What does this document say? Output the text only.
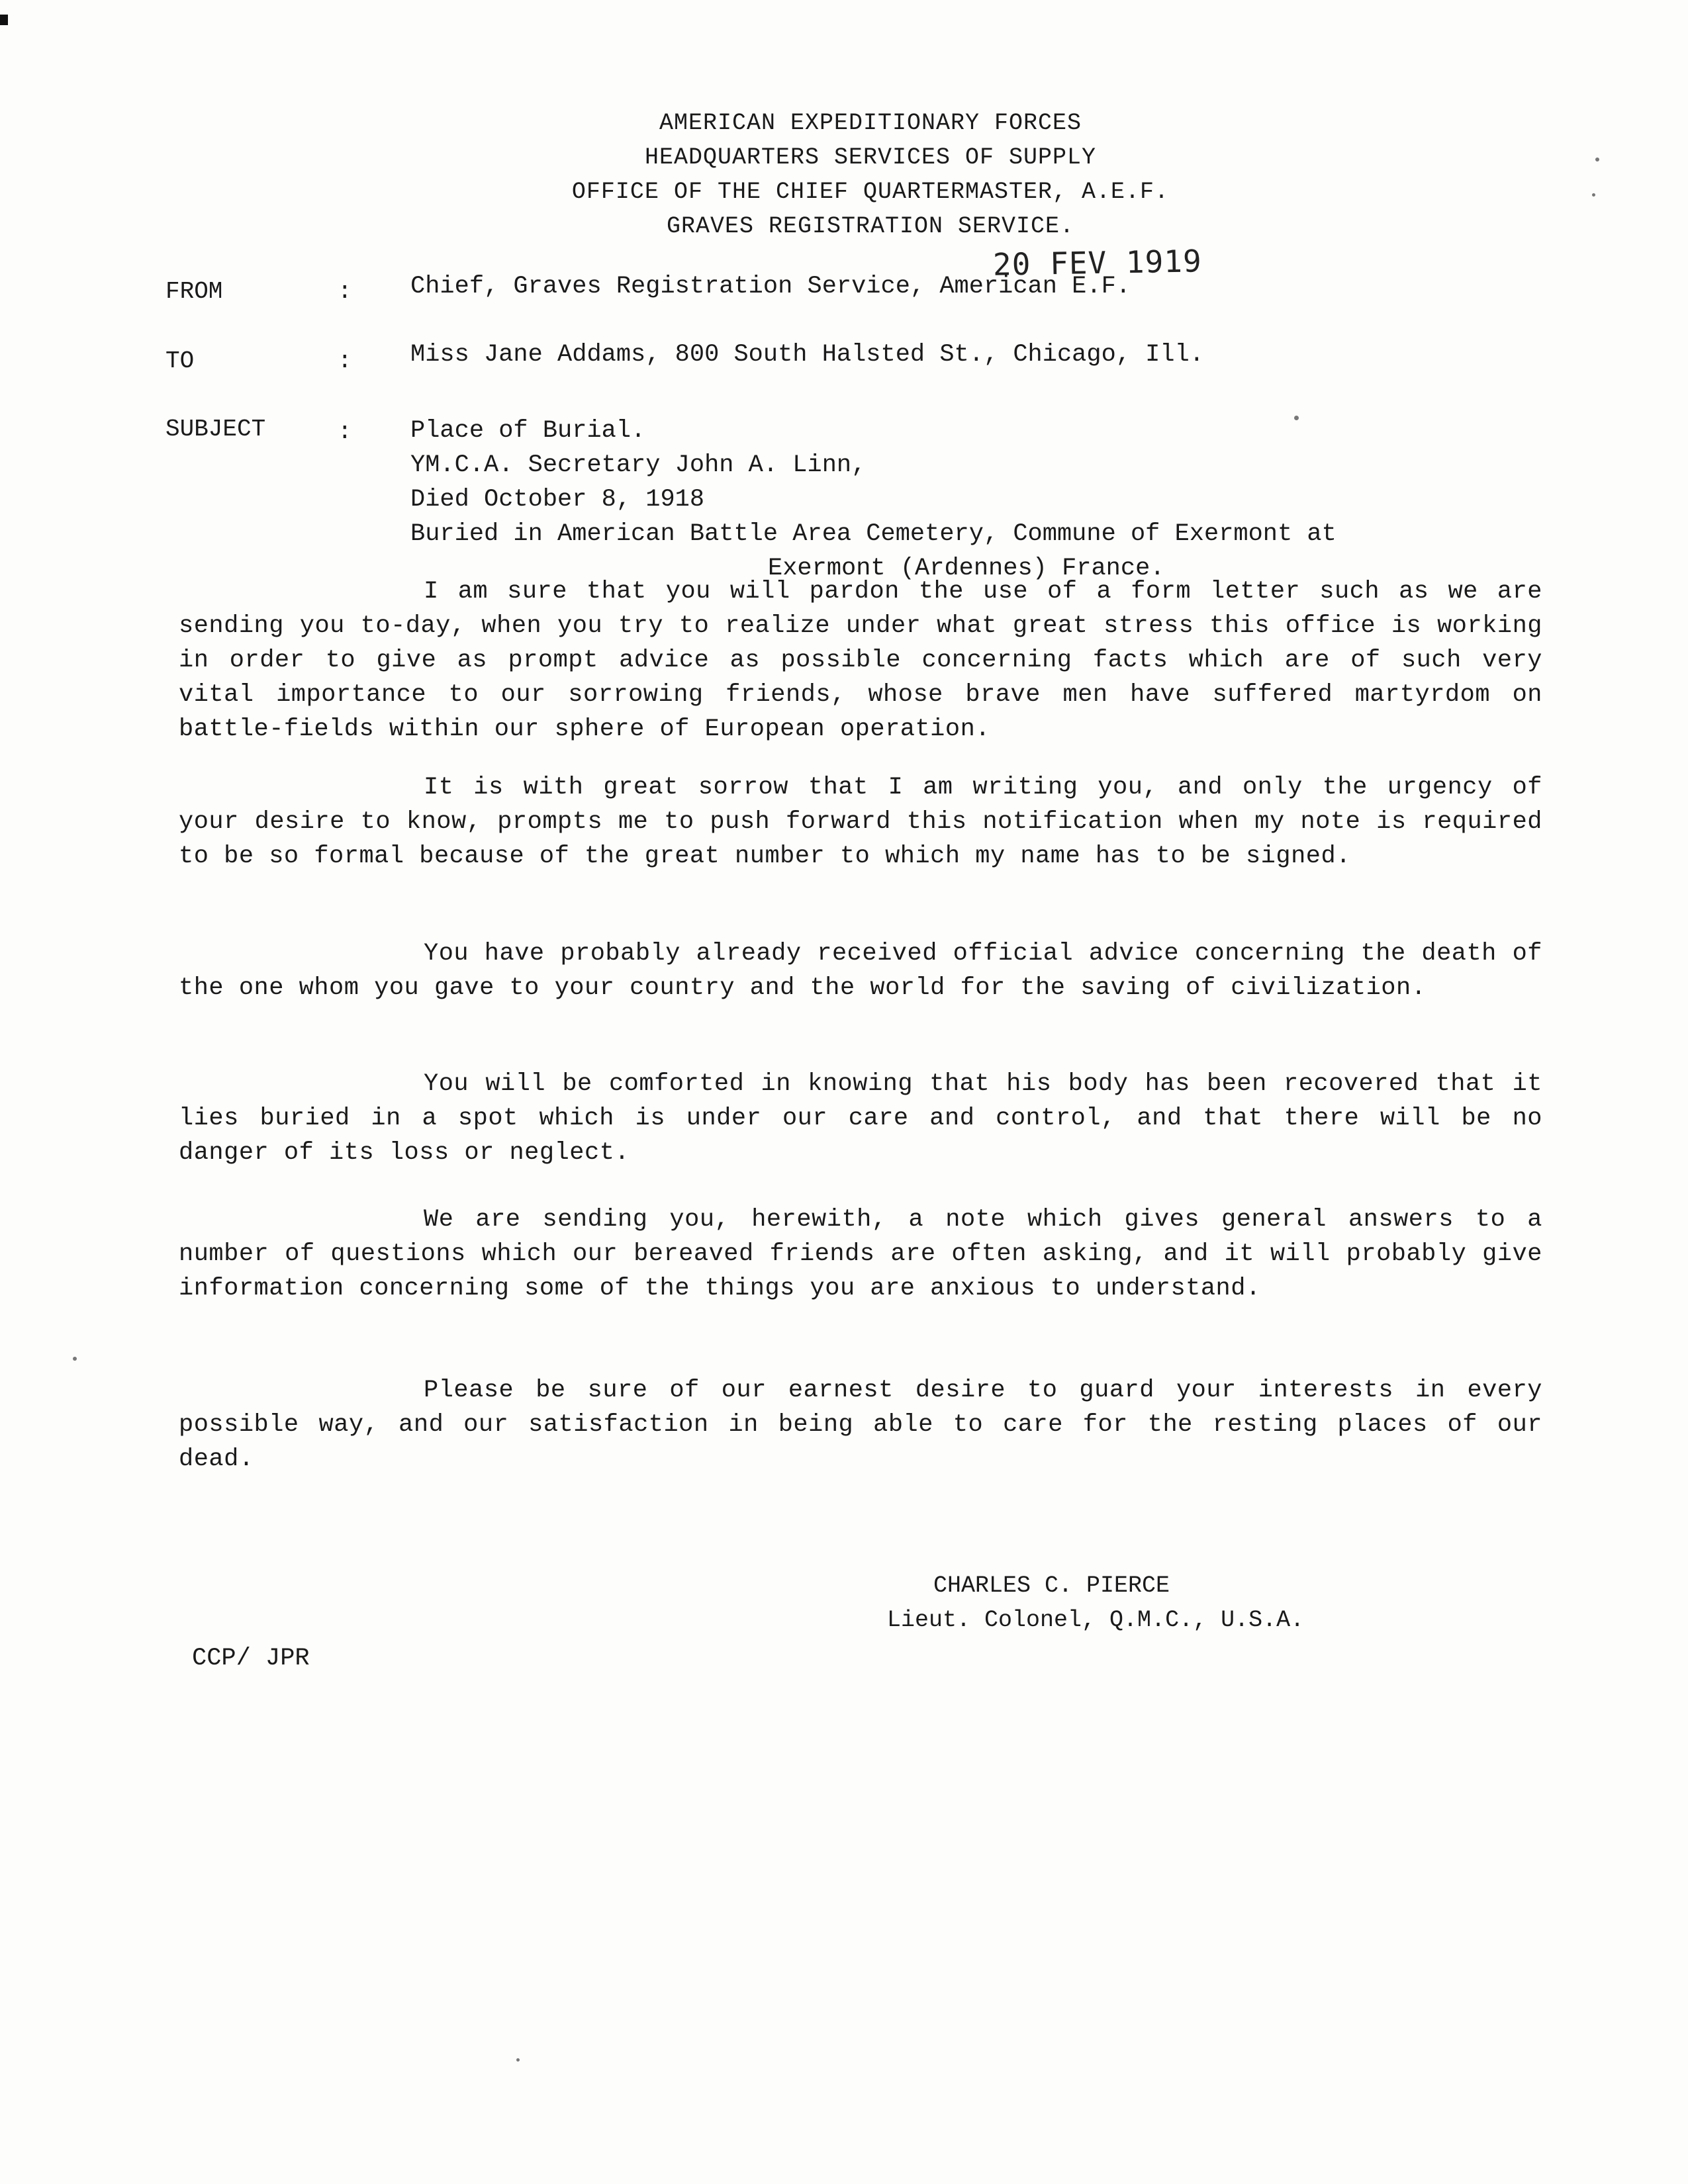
AMERICAN EXPEDITIONARY FORCES
HEADQUARTERS SERVICES OF SUPPLY
OFFICE OF THE CHIEF QUARTERMASTER, A.E.F.
GRAVES REGISTRATION SERVICE.
20 FEV 1919
FROM	: Chief, Graves Registration Service, American E.F.
TO	: Miss Jane Addams, 800 South Halsted St., Chicago, Ill.
SUBJECT	: Place of Burial.
YM.C.A. Secretary John A. Linn,
Died October 8, 1918
Buried in American Battle Area Cemetery, Commune of Exermont at
Exermont (Ardennes) France.

I am sure that you will pardon the use of a form letter such as we are sending you to-day, when you try to realize under what great stress this office is working in order to give as prompt advice as possible concerning facts which are of such very vital importance to our sorrowing friends, whose brave men have suffered martyrdom on battle-fields within our sphere of European operation.

It is with great sorrow that I am writing you, and only the urgency of your desire to know, prompts me to push forward this notification when my note is required to be so formal because of the great number to which my name has to be signed.

You have probably already received official advice concerning the death of the one whom you gave to your country and the world for the saving of civilization.

You will be comforted in knowing that his body has been recovered that it lies buried in a spot which is under our care and control, and that there will be no danger of its loss or neglect.

We are sending you, herewith, a note which gives general answers to a number of questions which our bereaved friends are often asking, and it will probably give information concerning some of the things you are anxious to understand.

Please be sure of our earnest desire to guard your interests in every possible way, and our satisfaction in being able to care for the resting places of our dead.

CHARLES C. PIERCE
Lieut. Colonel, Q.M.C., U.S.A.
CCP/ JPR
